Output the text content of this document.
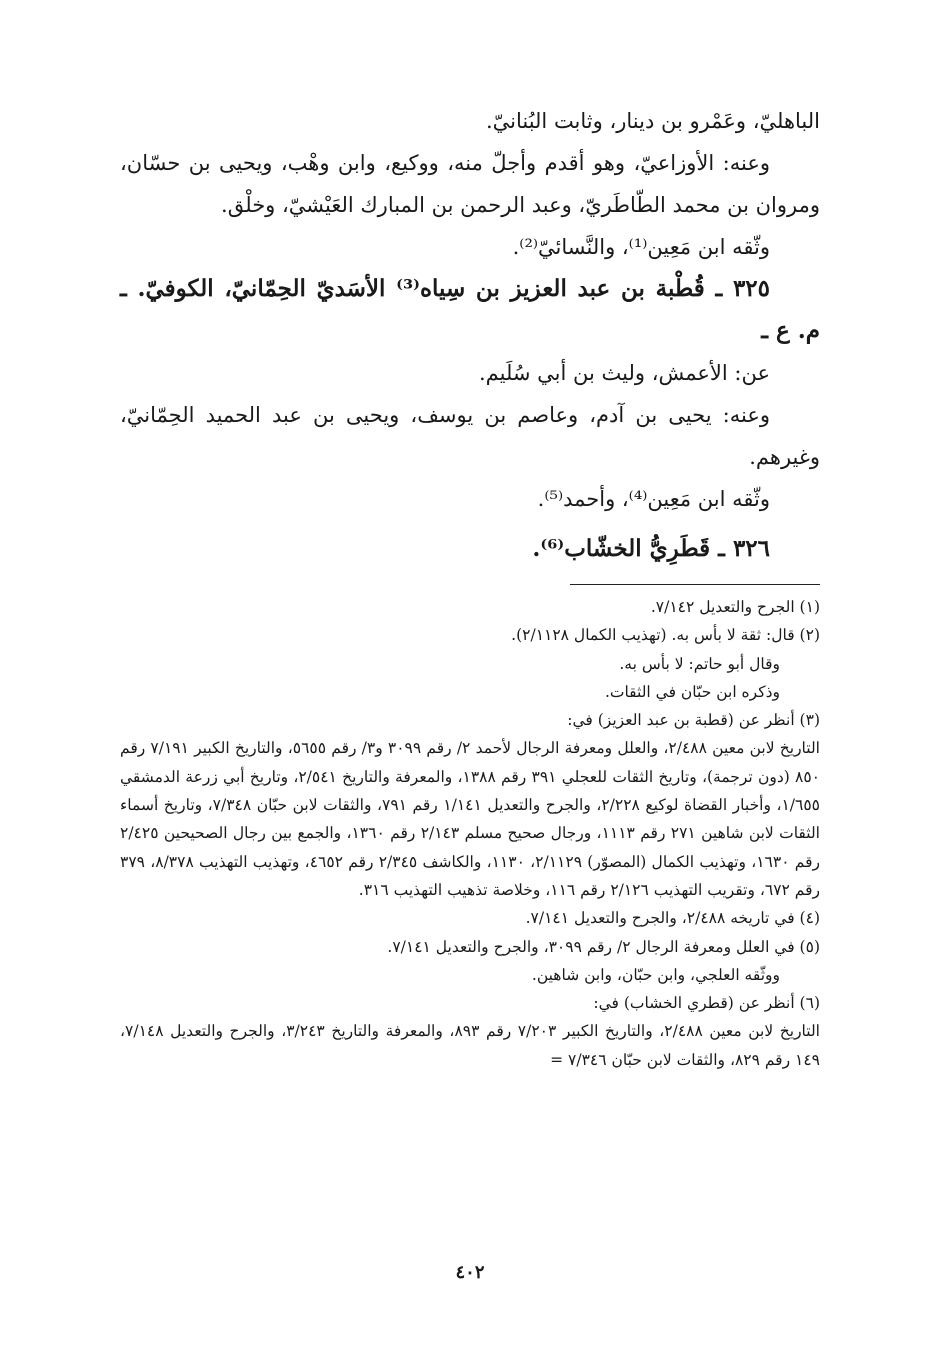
الباهليّ، وعَمْرو بن دينار، وثابت البُنانيّ.

وعنه: الأوزاعيّ، وهو أقدم وأجلّ منه، ووكيع، وابن وهْب، ويحيى بن حسّان، ومروان بن محمد الطّاطَريّ، وعبد الرحمن بن المبارك العَيْشيّ، وخلْق.

وثّقه ابن مَعِين⁽¹⁾، والنَّسائيّ⁽²⁾.

٣٢٥ ـ قُطْبة بن عبد العزيز بن سِياه⁽³⁾ الأسَديّ الحِمّانيّ، الكوفيّ. ـ م. ع ـ

عن: الأعمش، وليث بن أبي سُلَيم.

وعنه: يحيى بن آدم، وعاصم بن يوسف، ويحيى بن عبد الحميد الحِمّانيّ، وغيرهم.

وثّقه ابن مَعِين⁽⁴⁾، وأحمد⁽⁵⁾.

٣٢٦ ـ قَطَرِيُّ الخشّاب⁽⁶⁾.

(١) الجرح والتعديل ٧/١٤٢.

(٢) قال: ثقة لا بأس به. (تهذيب الكمال ٢/١١٢٨).

وقال أبو حاتم: لا بأس به.

وذكره ابن حبّان في الثقات.

(٣) أنظر عن (قطبة بن عبد العزيز) في:

التاريخ لابن معين ٢/٤٨٨، والعلل ومعرفة الرجال لأحمد ٢/ رقم ٣٠٩٩ و٣/ رقم ٥٦٥٥، والتاريخ الكبير ٧/١٩١ رقم ٨٥٠ (دون ترجمة)، وتاريخ الثقات للعجلي ٣٩١ رقم ١٣٨٨، والمعرفة والتاريخ ٢/٥٤١، وتاريخ أبي زرعة الدمشقي ١/٦٥٥، وأخبار القضاة لوكيع ٢/٢٢٨، والجرح والتعديل ١/١٤١ رقم ٧٩١، والثقات لابن حبّان ٧/٣٤٨، وتاريخ أسماء الثقات لابن شاهين ٢٧١ رقم ١١١٣، ورجال صحيح مسلم ٢/١٤٣ رقم ١٣٦٠، والجمع بين رجال الصحيحين ٢/٤٢٥ رقم ١٦٣٠، وتهذيب الكمال (المصوّر) ٢/١١٢٩، ١١٣٠، والكاشف ٢/٣٤٥ رقم ٤٦٥٢، وتهذيب التهذيب ٨/٣٧٨، ٣٧٩ رقم ٦٧٢، وتقريب التهذيب ٢/١٢٦ رقم ١١٦، وخلاصة تذهيب التهذيب ٣١٦.

(٤) في تاريخه ٢/٤٨٨، والجرح والتعديل ٧/١٤١.

(٥) في العلل ومعرفة الرجال ٢/ رقم ٣٠٩٩، والجرح والتعديل ٧/١٤١.

ووثّقه العلجي، وابن حبّان، وابن شاهين.

(٦) أنظر عن (قطري الخشاب) في:

التاريخ لابن معين ٢/٤٨٨، والتاريخ الكبير ٧/٢٠٣ رقم ٨٩٣، والمعرفة والتاريخ ٣/٢٤٣، والجرح والتعديل ٧/١٤٨، ١٤٩ رقم ٨٢٩، والثقات لابن حبّان ٧/٣٤٦ =

٤٠٢
